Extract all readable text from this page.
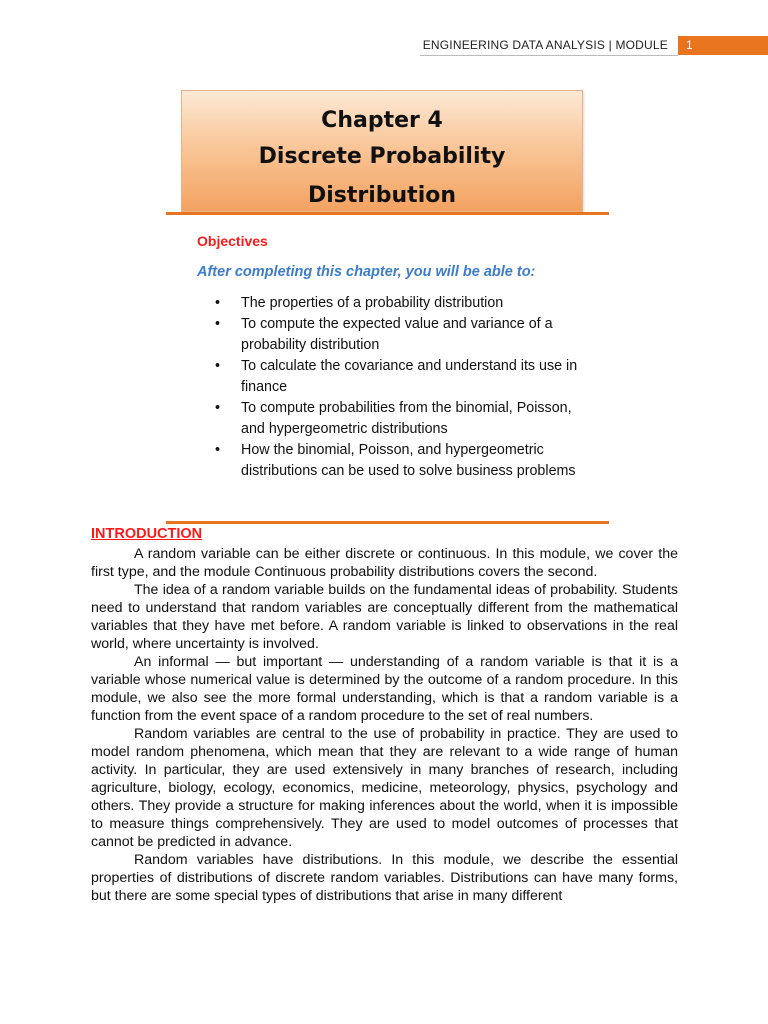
ENGINEERING DATA ANALYSIS | MODULE	1
Chapter 4
Discrete Probability
Distribution
Objectives
After completing this chapter, you will be able to:
• The properties of a probability distribution
• To compute the expected value and variance of a probability distribution
• To calculate the covariance and understand its use in finance
• To compute probabilities from the binomial, Poisson, and hypergeometric distributions
• How the binomial, Poisson, and hypergeometric distributions can be used to solve business problems
INTRODUCTION

A random variable can be either discrete or continuous. In this module, we cover the first type, and the module Continuous probability distributions covers the second.

The idea of a random variable builds on the fundamental ideas of probability. Students need to understand that random variables are conceptually different from the mathematical variables that they have met before. A random variable is linked to observations in the real world, where uncertainty is involved.

An informal — but important — understanding of a random variable is that it is a variable whose numerical value is determined by the outcome of a random procedure. In this module, we also see the more formal understanding, which is that a random variable is a function from the event space of a random procedure to the set of real numbers.

Random variables are central to the use of probability in practice. They are used to model random phenomena, which mean that they are relevant to a wide range of human activity. In particular, they are used extensively in many branches of research, including agriculture, biology, ecology, economics, medicine, meteorology, physics, psychology and others. They provide a structure for making inferences about the world, when it is impossible to measure things comprehensively. They are used to model outcomes of processes that cannot be predicted in advance.

Random variables have distributions. In this module, we describe the essential properties of distributions of discrete random variables. Distributions can have many forms, but there are some special types of distributions that arise in many different
